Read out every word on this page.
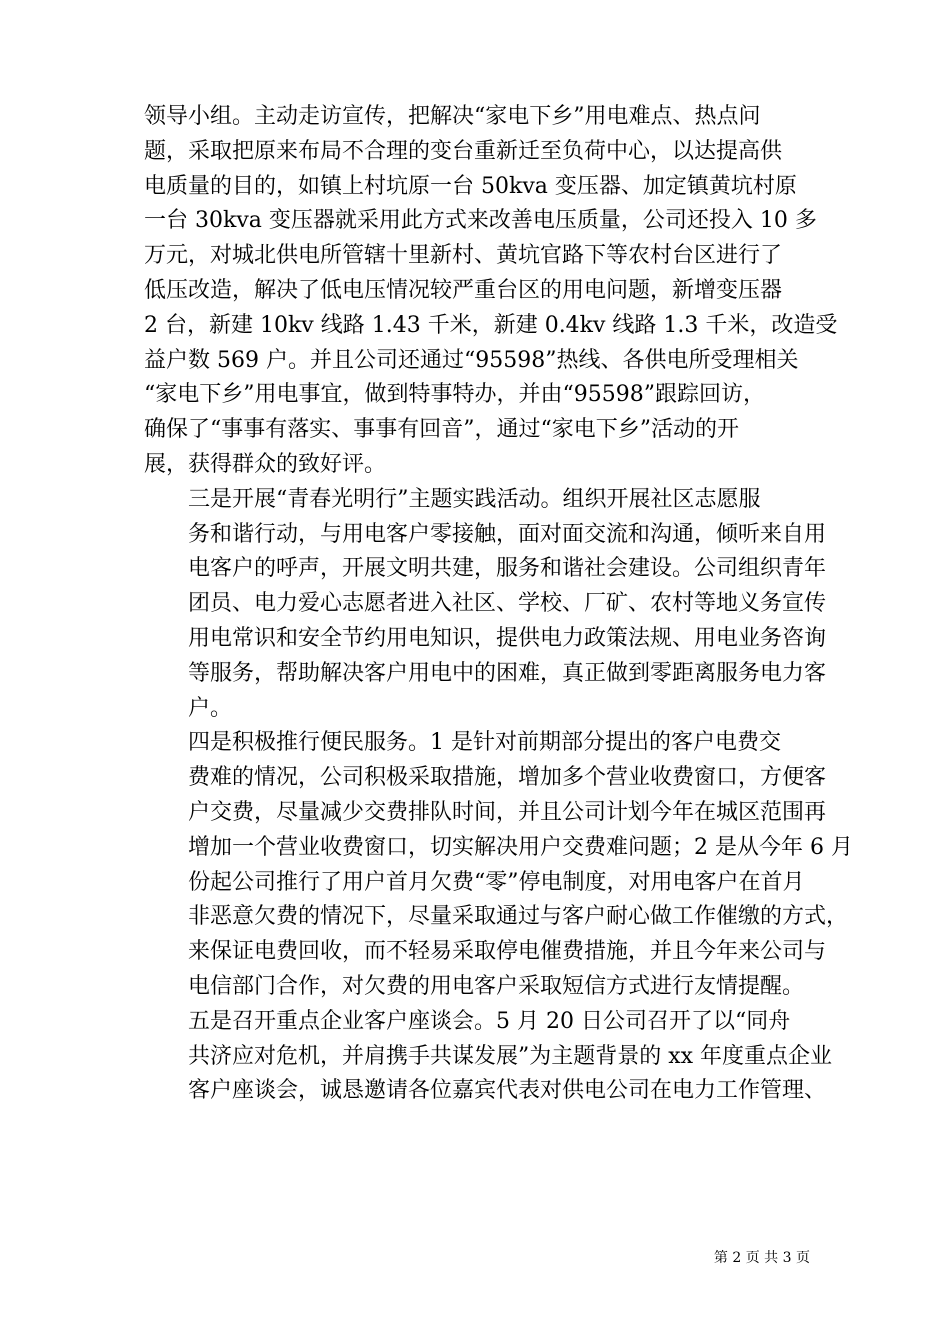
领导小组。主动走访宣传，把解决“家电下乡”用电难点、热点问
题，采取把原来布局不合理的变台重新迁至负荷中心，以达提高供
电质量的目的，如镇上村坑原一台 50kva 变压器、加定镇黄坑村原
一台 30kva 变压器就采用此方式来改善电压质量，公司还投入 10 多
万元，对城北供电所管辖十里新村、黄坑官路下等农村台区进行了
低压改造，解决了低电压情况较严重台区的用电问题，新增变压器
2 台，新建 10kv 线路 1.43 千米，新建 0.4kv 线路 1.3 千米，改造受
益户数 569 户。并且公司还通过“95598”热线、各供电所受理相关
“家电下乡”用电事宜，做到特事特办，并由“95598”跟踪回访，
确保了“事事有落实、事事有回音”，通过“家电下乡”活动的开
展，获得群众的致好评。

三是开展“青春光明行”主题实践活动。组织开展社区志愿服
务和谐行动，与用电客户零接触，面对面交流和沟通，倾听来自用
电客户的呼声，开展文明共建，服务和谐社会建设。公司组织青年
团员、电力爱心志愿者进入社区、学校、厂矿、农村等地义务宣传
用电常识和安全节约用电知识，提供电力政策法规、用电业务咨询
等服务，帮助解决客户用电中的困难，真正做到零距离服务电力客
户。

四是积极推行便民服务。1 是针对前期部分提出的客户电费交
费难的情况，公司积极采取措施，增加多个营业收费窗口，方便客
户交费，尽量减少交费排队时间，并且公司计划今年在城区范围再
增加一个营业收费窗口，切实解决用户交费难问题；2 是从今年 6 月
份起公司推行了用户首月欠费“零”停电制度，对用电客户在首月
非恶意欠费的情况下，尽量采取通过与客户耐心做工作催缴的方式，
来保证电费回收，而不轻易采取停电催费措施，并且今年来公司与
电信部门合作，对欠费的用电客户采取短信方式进行友情提醒。

五是召开重点企业客户座谈会。5 月 20 日公司召开了以“同舟
共济应对危机，并肩携手共谋发展”为主题背景的 xx 年度重点企业
客户座谈会，诚恳邀请各位嘉宾代表对供电公司在电力工作管理、

第 2 页 共 3 页
